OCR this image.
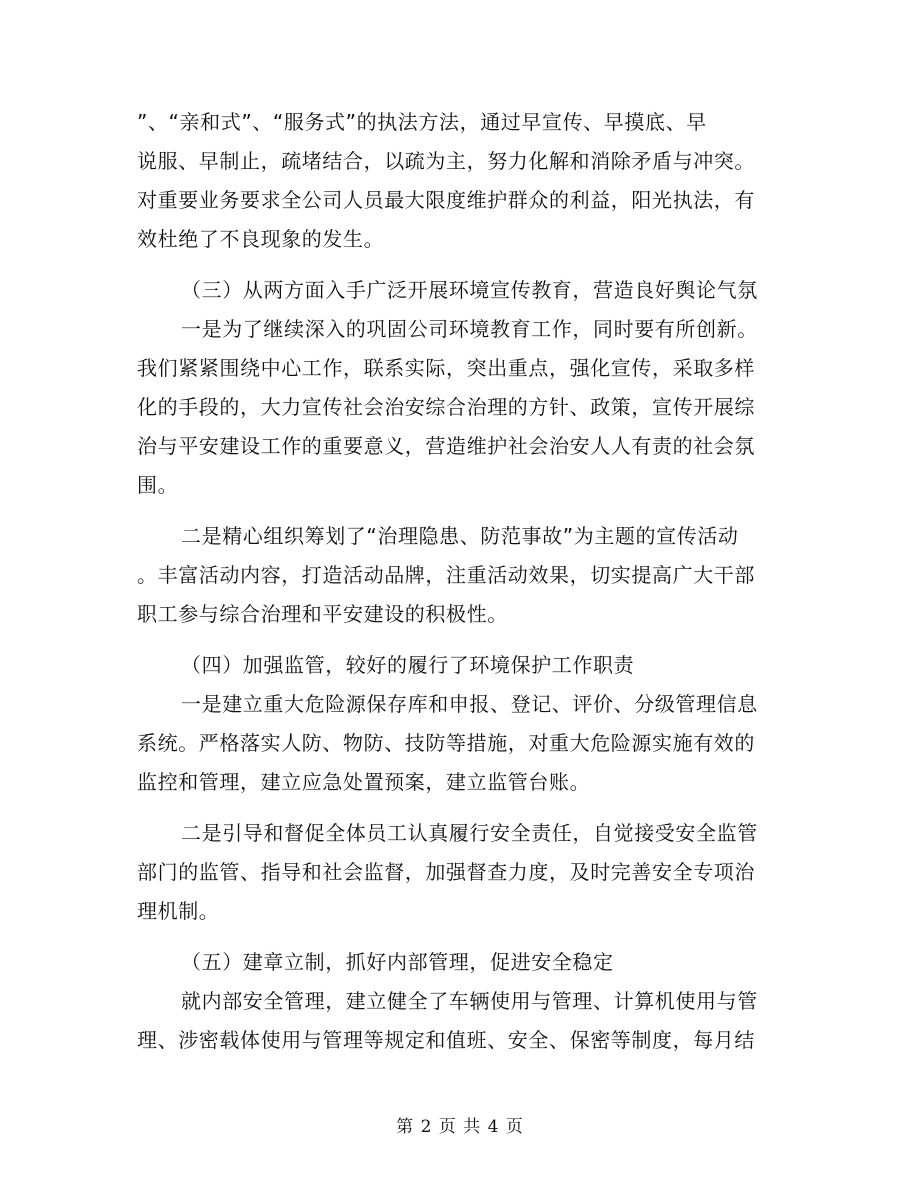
”、“亲和式”、“服务式”的执法方法，通过早宣传、早摸底、早
说服、早制止，疏堵结合，以疏为主，努力化解和消除矛盾与冲突。
对重要业务要求全公司人员最大限度维护群众的利益，阳光执法，有
效杜绝了不良现象的发生。
（三）从两方面入手广泛开展环境宣传教育，营造良好舆论气氛
一是为了继续深入的巩固公司环境教育工作，同时要有所创新。
我们紧紧围绕中心工作，联系实际，突出重点，强化宣传，采取多样
化的手段的，大力宣传社会治安综合治理的方针、政策，宣传开展综
治与平安建设工作的重要意义，营造维护社会治安人人有责的社会氛
围。
二是精心组织筹划了“治理隐患、防范事故”为主题的宣传活动
。丰富活动内容，打造活动品牌，注重活动效果，切实提高广大干部
职工参与综合治理和平安建设的积极性。
（四）加强监管，较好的履行了环境保护工作职责
一是建立重大危险源保存库和申报、登记、评价、分级管理信息
系统。严格落实人防、物防、技防等措施，对重大危险源实施有效的
监控和管理，建立应急处置预案，建立监管台账。
二是引导和督促全体员工认真履行安全责任，自觉接受安全监管
部门的监管、指导和社会监督，加强督查力度，及时完善安全专项治
理机制。
（五）建章立制，抓好内部管理，促进安全稳定
就内部安全管理，建立健全了车辆使用与管理、计算机使用与管
理、涉密载体使用与管理等规定和值班、安全、保密等制度，每月结
第 2 页 共 4 页
